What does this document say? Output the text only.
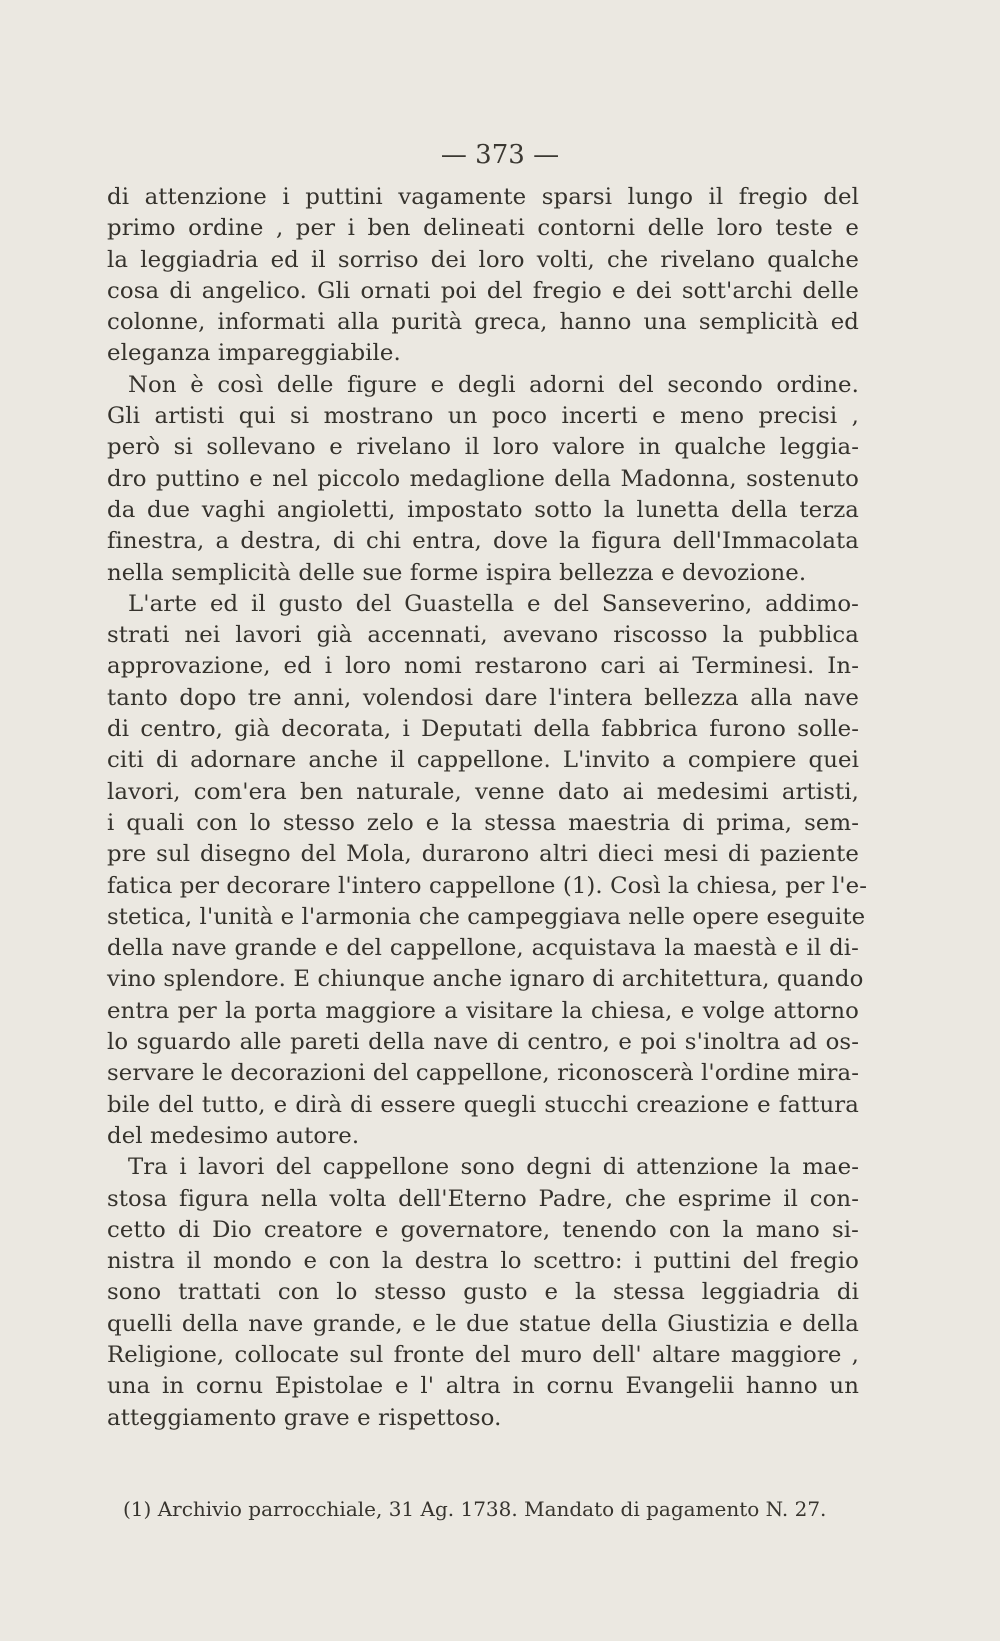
— 373 —
di attenzione i puttini vagamente sparsi lungo il fregio del
primo ordine , per i ben delineati contorni delle loro teste e
la leggiadria ed il sorriso dei loro volti, che rivelano qualche
cosa di angelico. Gli ornati poi del fregio e dei sott'archi delle
colonne, informati alla purità greca, hanno una semplicità ed
eleganza impareggiabile.
Non è così delle figure e degli adorni del secondo ordine.
Gli artisti qui si mostrano un poco incerti e meno precisi ,
però si sollevano e rivelano il loro valore in qualche leggia-
dro puttino e nel piccolo medaglione della Madonna, sostenuto
da due vaghi angioletti, impostato sotto la lunetta della terza
finestra, a destra, di chi entra, dove la figura dell'Immacolata
nella semplicità delle sue forme ispira bellezza e devozione.
L'arte ed il gusto del Guastella e del Sanseverino, addimo-
strati nei lavori già accennati, avevano riscosso la pubblica
approvazione, ed i loro nomi restarono cari ai Terminesi. In-
tanto dopo tre anni, volendosi dare l'intera bellezza alla nave
di centro, già decorata, i Deputati della fabbrica furono solle-
citi di adornare anche il cappellone. L'invito a compiere quei
lavori, com'era ben naturale, venne dato ai medesimi artisti,
i quali con lo stesso zelo e la stessa maestria di prima, sem-
pre sul disegno del Mola, durarono altri dieci mesi di paziente
fatica per decorare l'intero cappellone (1). Così la chiesa, per l'e-
stetica, l'unità e l'armonia che campeggiava nelle opere eseguite
della nave grande e del cappellone, acquistava la maestà e il di-
vino splendore. E chiunque anche ignaro di architettura, quando
entra per la porta maggiore a visitare la chiesa, e volge attorno
lo sguardo alle pareti della nave di centro, e poi s'inoltra ad os-
servare le decorazioni del cappellone, riconoscerà l'ordine mira-
bile del tutto, e dirà di essere quegli stucchi creazione e fattura
del medesimo autore.
Tra i lavori del cappellone sono degni di attenzione la mae-
stosa figura nella volta dell'Eterno Padre, che esprime il con-
cetto di Dio creatore e governatore, tenendo con la mano si-
nistra il mondo e con la destra lo scettro: i puttini del fregio
sono trattati con lo stesso gusto e la stessa leggiadria di
quelli della nave grande, e le due statue della Giustizia e della
Religione, collocate sul fronte del muro dell' altare maggiore ,
una in cornu Epistolae e l' altra in cornu Evangelii hanno un
atteggiamento grave e rispettoso.
(1) Archivio parrocchiale, 31 Ag. 1738. Mandato di pagamento N. 27.
